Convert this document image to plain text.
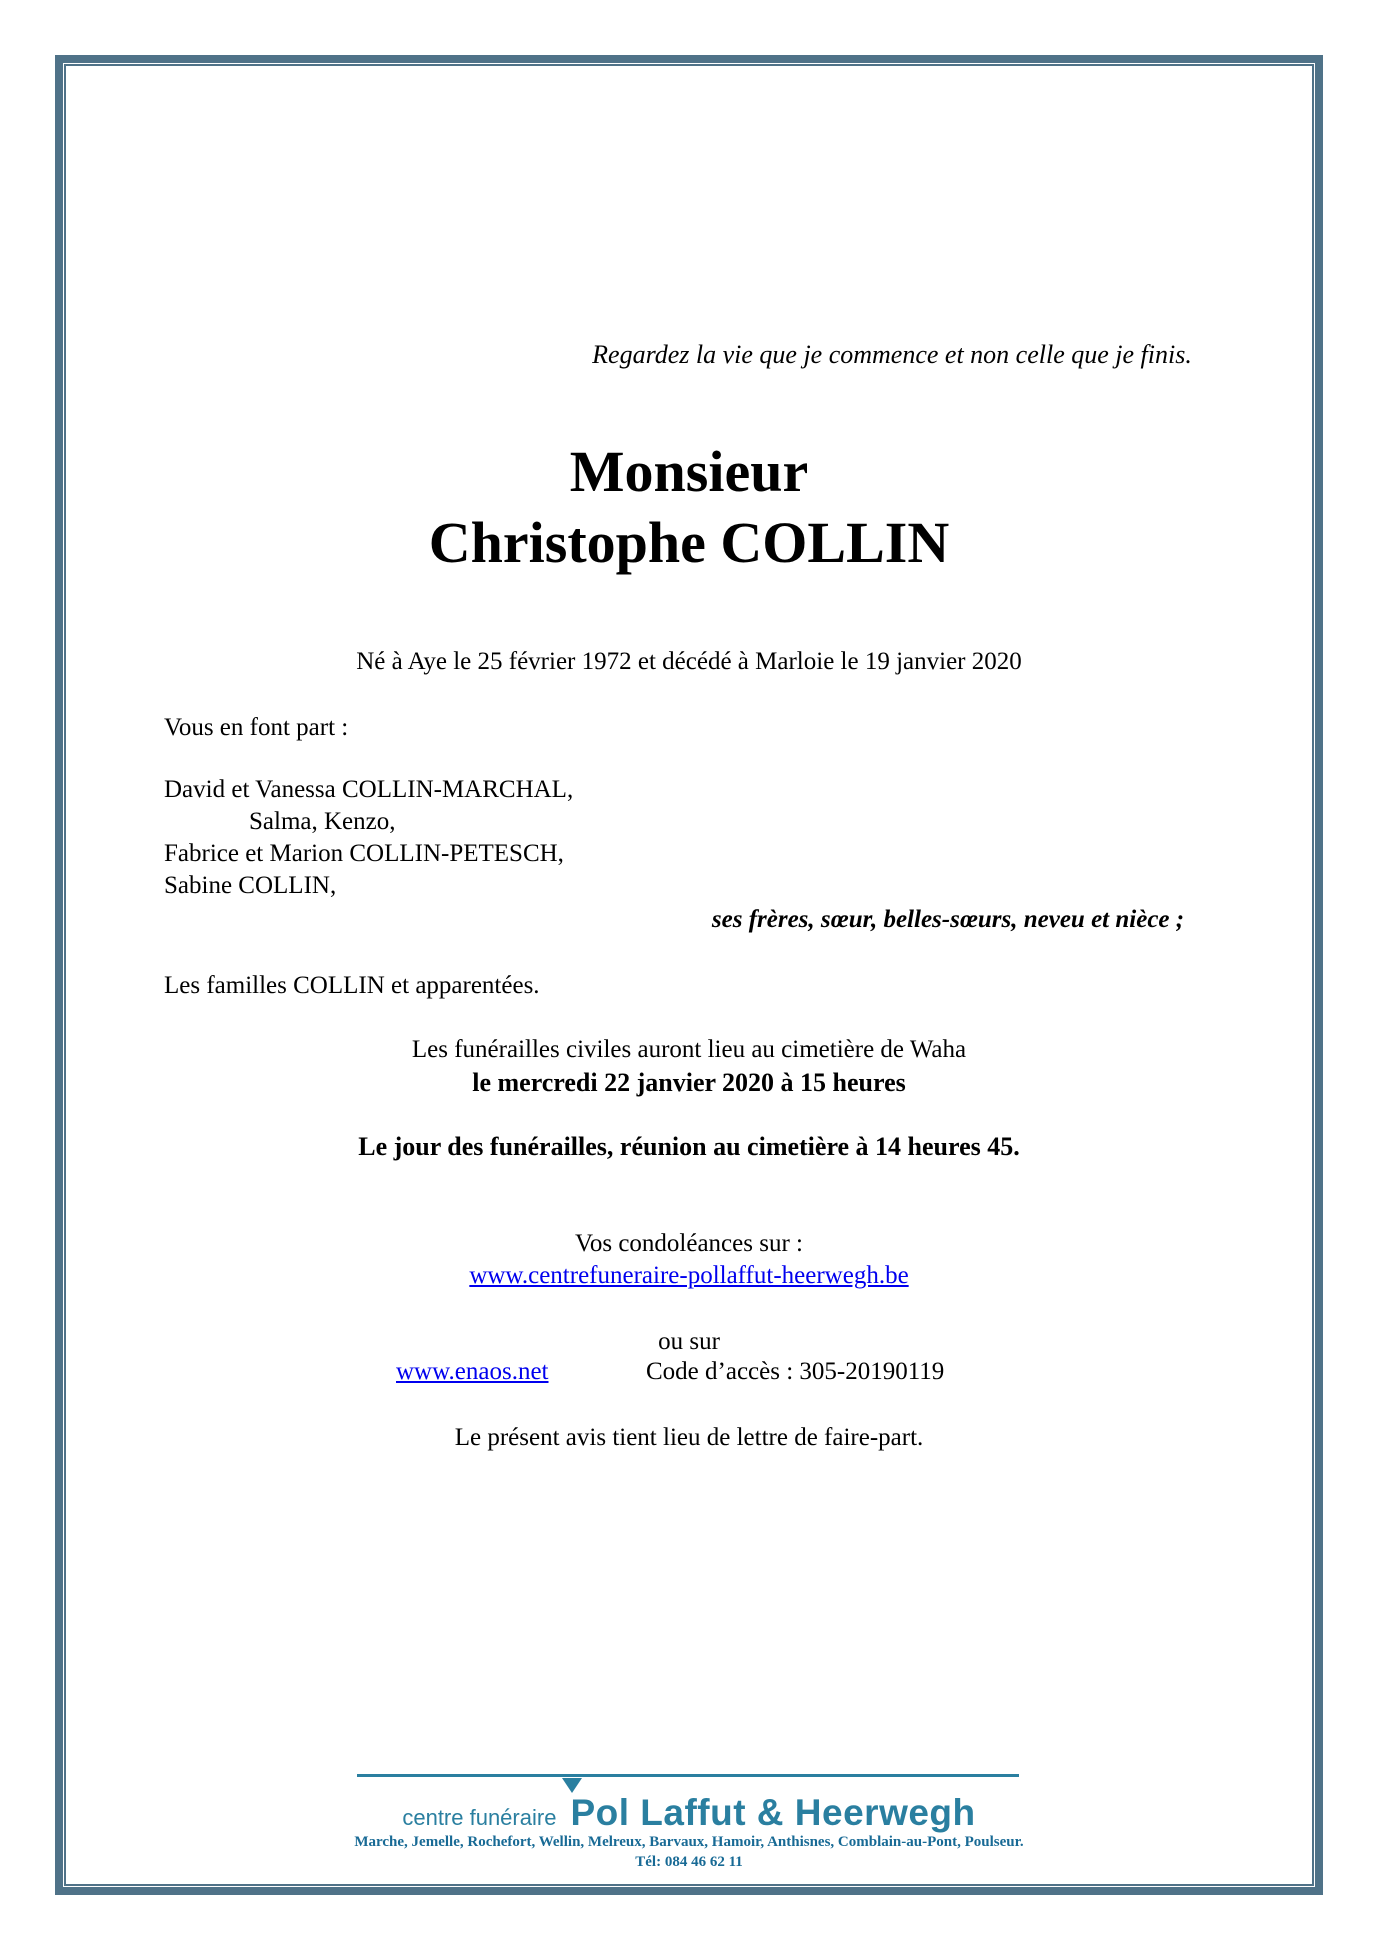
Regardez la vie que je commence et non celle que je finis.
Monsieur
Christophe COLLIN
Né à Aye le 25 février 1972 et décédé à Marloie le 19 janvier 2020
Vous en font part :
David et Vanessa COLLIN-MARCHAL,
Salma, Kenzo,
Fabrice et Marion COLLIN-PETESCH,
Sabine COLLIN,
ses frères, sœur, belles-sœurs, neveu et nièce ;
Les familles COLLIN et apparentées.
Les funérailles civiles auront lieu au cimetière de Waha
le mercredi 22 janvier 2020 à 15 heures
Le jour des funérailles, réunion au cimetière à 14 heures 45.
Vos condoléances sur :
www.centrefuneraire-pollaffut-heerwegh.be
ou sur
www.enaos.net	Code d’accès : 305-20190119
Le présent avis tient lieu de lettre de faire-part.
centre funéraire Pol Laffut & Heerwegh
Marche, Jemelle, Rochefort, Wellin, Melreux, Barvaux, Hamoir, Anthisnes, Comblain-au-Pont, Poulseur.
Tél: 084 46 62 11
